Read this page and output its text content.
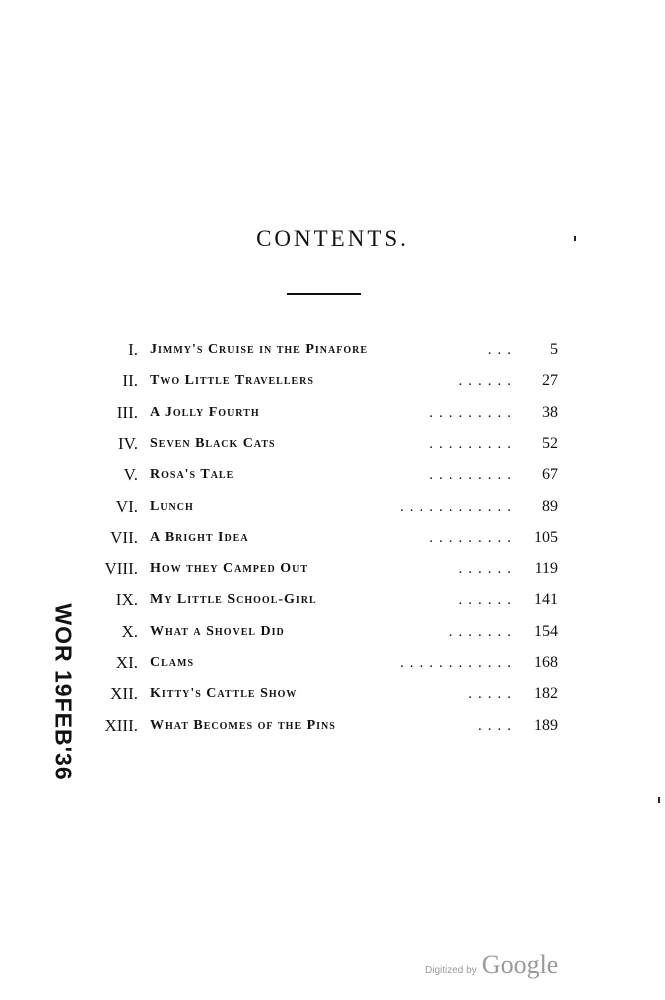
CONTENTS.
I. Jimmy's Cruise in the Pinafore	...	5
II. Two Little Travellers	......	27
III. A Jolly Fourth	.........	38
IV. Seven Black Cats	.........	52
V. Rosa's Tale	.........	67
VI. Lunch	............	89
VII. A Bright Idea	.........	105
VIII. How they Camped Out	......	119
IX. My Little School-Girl	......	141
X. What a Shovel Did	.......	154
XI. Clams	............	168
XII. Kitty's Cattle Show	.....	182
XIII. What Becomes of the Pins	....	189
WOR 19FEB'36
Digitized by Google
